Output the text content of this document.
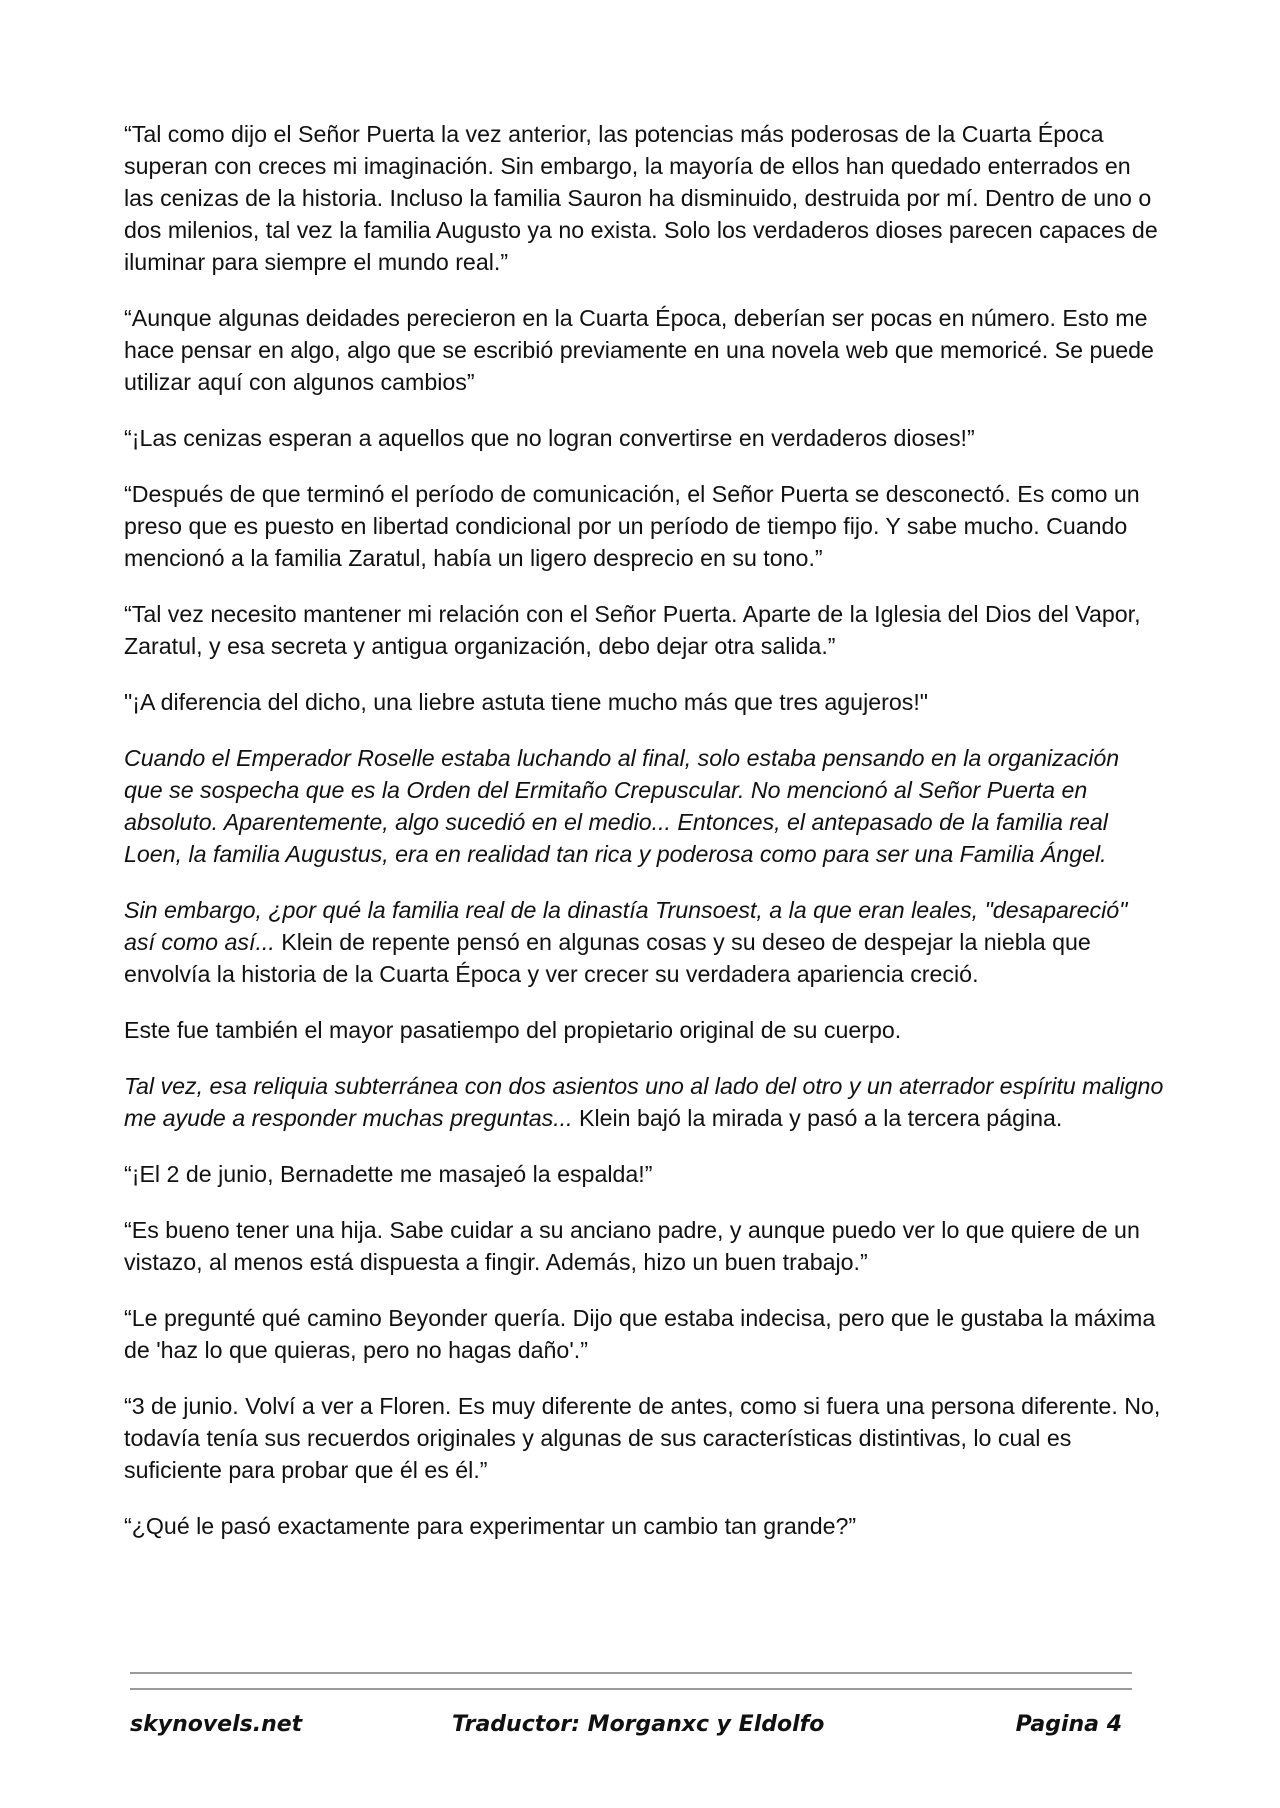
“Tal como dijo el Señor Puerta la vez anterior, las potencias más poderosas de la Cuarta Época superan con creces mi imaginación. Sin embargo, la mayoría de ellos han quedado enterrados en las cenizas de la historia. Incluso la familia Sauron ha disminuido, destruida por mí. Dentro de uno o dos milenios, tal vez la familia Augusto ya no exista. Solo los verdaderos dioses parecen capaces de iluminar para siempre el mundo real.”

“Aunque algunas deidades perecieron en la Cuarta Época, deberían ser pocas en número. Esto me hace pensar en algo, algo que se escribió previamente en una novela web que memoricé. Se puede utilizar aquí con algunos cambios”

“¡Las cenizas esperan a aquellos que no logran convertirse en verdaderos dioses!”

“Después de que terminó el período de comunicación, el Señor Puerta se desconectó. Es como un preso que es puesto en libertad condicional por un período de tiempo fijo. Y sabe mucho. Cuando mencionó a la familia Zaratul, había un ligero desprecio en su tono.”

“Tal vez necesito mantener mi relación con el Señor Puerta. Aparte de la Iglesia del Dios del Vapor, Zaratul, y esa secreta y antigua organización, debo dejar otra salida.”

"¡A diferencia del dicho, una liebre astuta tiene mucho más que tres agujeros!"

Cuando el Emperador Roselle estaba luchando al final, solo estaba pensando en la organización que se sospecha que es la Orden del Ermitaño Crepuscular. No mencionó al Señor Puerta en absoluto. Aparentemente, algo sucedió en el medio... Entonces, el antepasado de la familia real Loen, la familia Augustus, era en realidad tan rica y poderosa como para ser una Familia Ángel.

Sin embargo, ¿por qué la familia real de la dinastía Trunsoest, a la que eran leales, "desapareció" así como así... Klein de repente pensó en algunas cosas y su deseo de despejar la niebla que envolvía la historia de la Cuarta Época y ver crecer su verdadera apariencia creció.

Este fue también el mayor pasatiempo del propietario original de su cuerpo.

Tal vez, esa reliquia subterránea con dos asientos uno al lado del otro y un aterrador espíritu maligno me ayude a responder muchas preguntas... Klein bajó la mirada y pasó a la tercera página.

“¡El 2 de junio, Bernadette me masajeó la espalda!”

“Es bueno tener una hija. Sabe cuidar a su anciano padre, y aunque puedo ver lo que quiere de un vistazo, al menos está dispuesta a fingir. Además, hizo un buen trabajo.”

“Le pregunté qué camino Beyonder quería. Dijo que estaba indecisa, pero que le gustaba la máxima de 'haz lo que quieras, pero no hagas daño'.”

“3 de junio. Volví a ver a Floren. Es muy diferente de antes, como si fuera una persona diferente. No, todavía tenía sus recuerdos originales y algunas de sus características distintivas, lo cual es suficiente para probar que él es él.”

“¿Qué le pasó exactamente para experimentar un cambio tan grande?”

skynovels.net	Traductor: Morganxc y Eldolfo	Pagina 4
